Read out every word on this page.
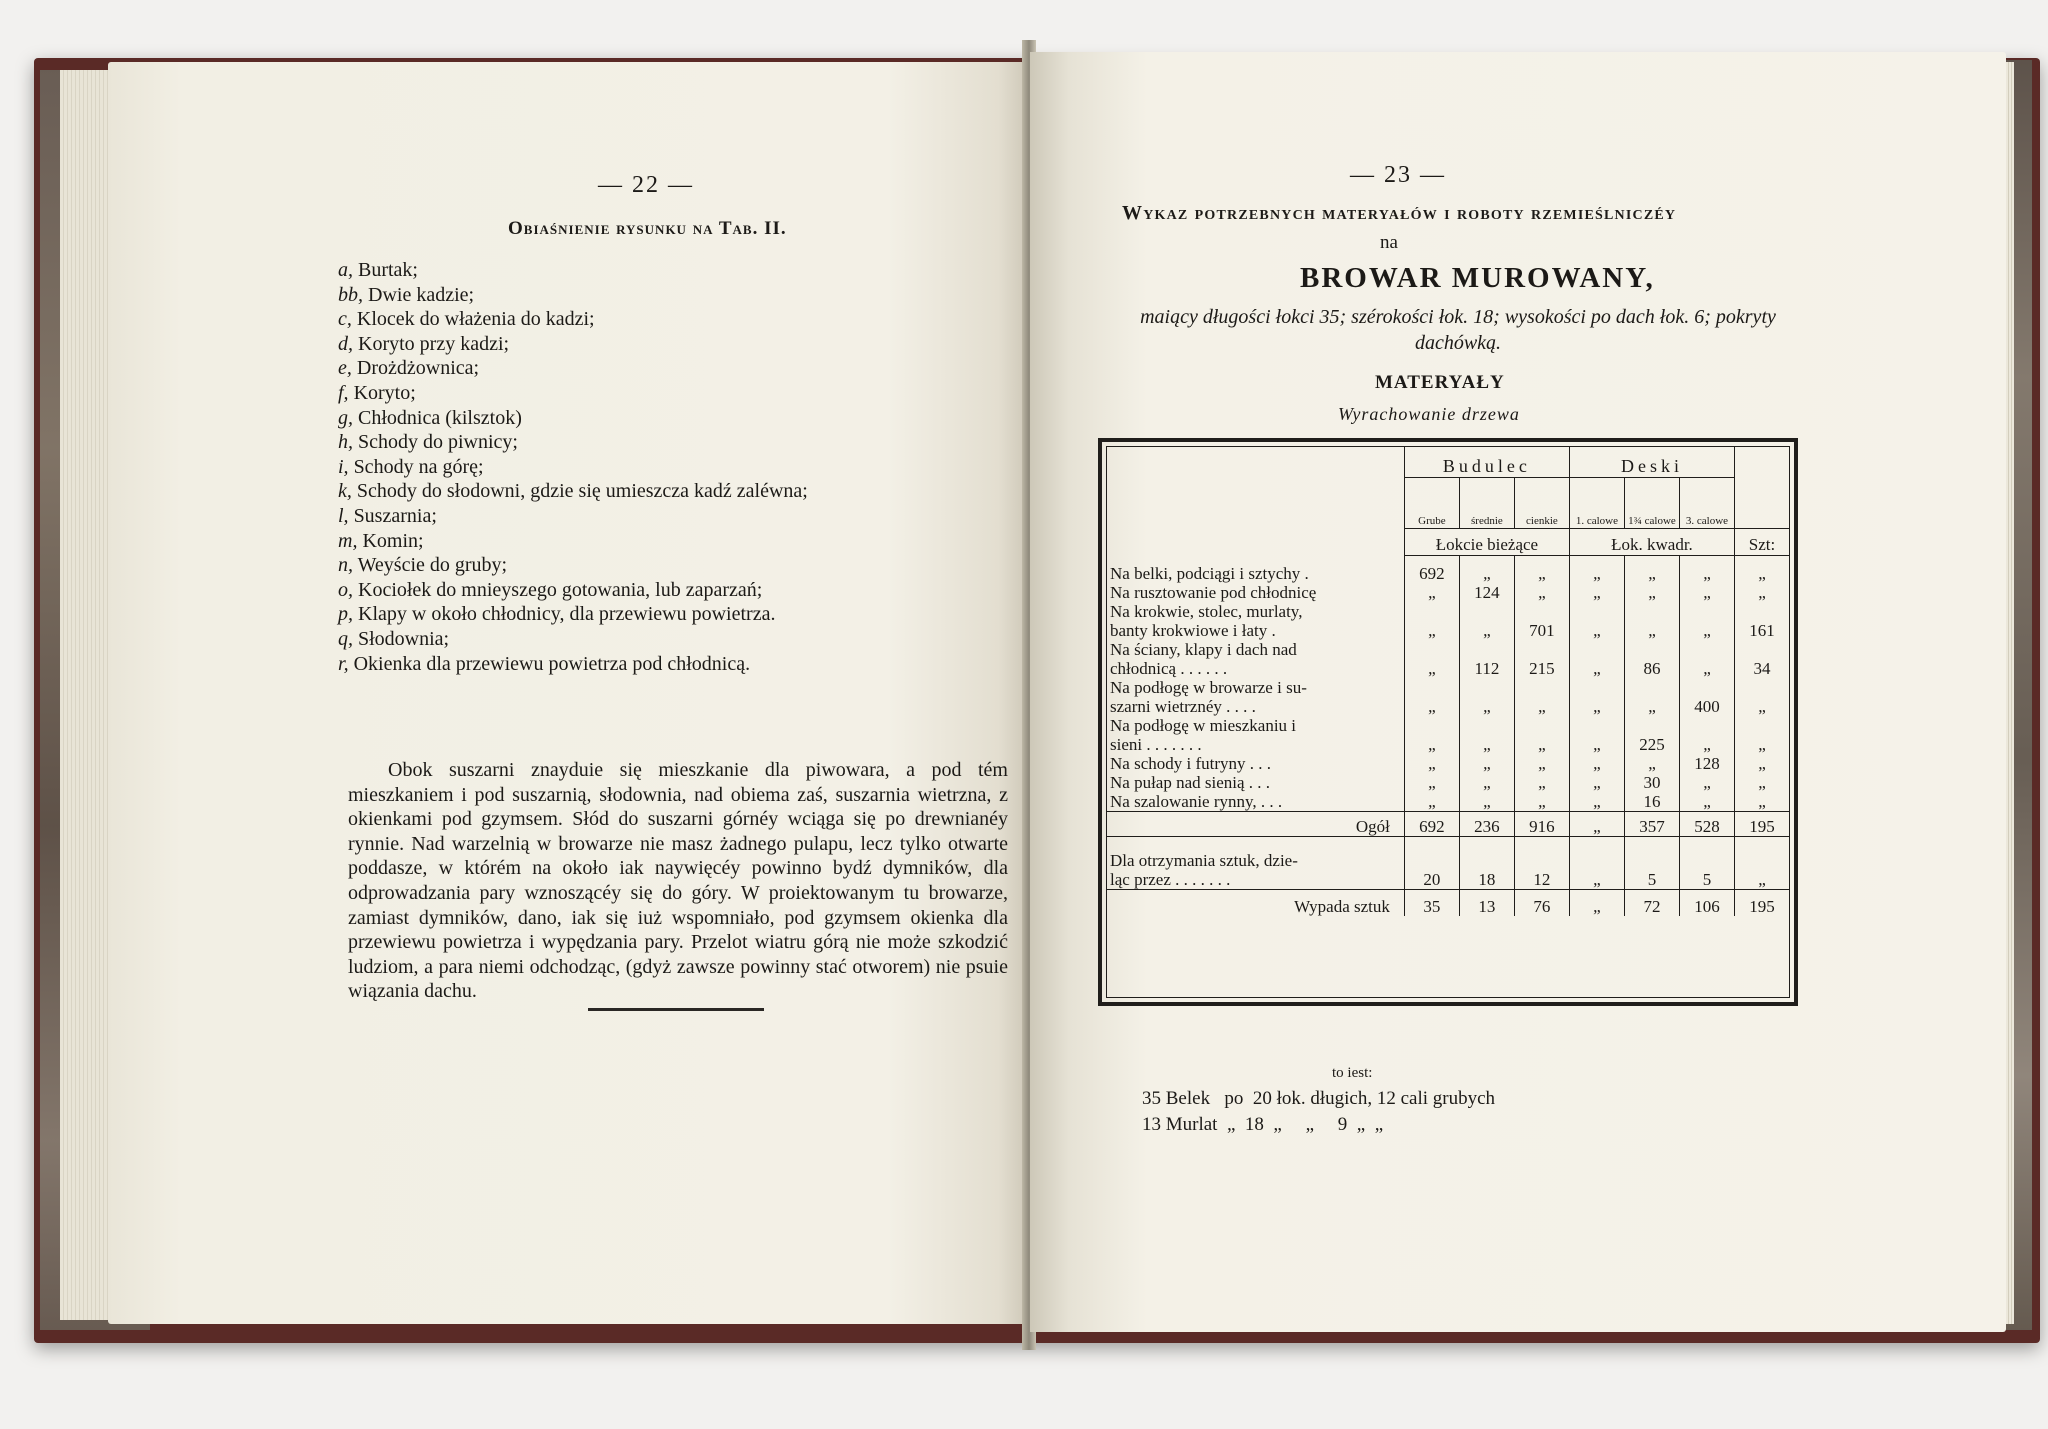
— 22 —
Obiaśnienie rysunku na Tab. II.
a, Burtak;
bb, Dwie kadzie;
c, Klocek do włażenia do kadzi;
d, Koryto przy kadzi;
e, Drożdżownica;
f, Koryto;
g, Chłodnica (kilsztok)
h, Schody do piwnicy;
i, Schody na górę;
k, Schody do słodowni, gdzie się umieszcza kadź zaléwna;
l, Suszarnia;
m, Komin;
n, Weyście do gruby;
o, Kociołek do mnieyszego gotowania, lub zaparzań;
p, Klapy w około chłodnicy, dla przewiewu powietrza.
q, Słodownia;
r, Okienka dla przewiewu powietrza pod chłodnicą.
Obok suszarni znayduie się mieszkanie dla piwowara, a pod tém mieszkaniem i pod suszarnią, słodownia, nad obiema zaś, suszarnia wietrzna, z okienkami pod gzymsem. Słód do suszarni górnéy wciąga się po drewnianéy rynnie. Nad warzelnią w browarze nie masz żadnego pulapu, lecz tylko otwarte poddasze, w którém na około iak naywięcéy powinno bydź dymników, dla odprowadzania pary wznoszącéy się do góry. W proiektowanym tu browarze, zamiast dymników, dano, iak się iuż wspomniało, pod gzymsem okienka dla przewiewu powietrza i wypędzania pary. Przelot wiatru górą nie może szkodzić ludziom, a para niemi odchodząc, (gdyż zawsze powinny stać otworem) nie psuie wiązania dachu.
— 23 —
Wykaz potrzebnych materyałów i roboty rzemieślniczéy
na
BROWAR MUROWANY,
maiący długości łokci 35; szérokości łok. 18; wysokości po dach łok. 6; pokryty dachówką.
MATERYAŁY
Wyrachowanie drzewa
	Budulec			Deski			
	Grube	średnie	cienkie	1. calowe	1¾ calowe	3. calowe	
	Łokcie bieżące			Łok. kwadr.			Szt:

Na belki, podciągi i sztychy .	692	„	„	„	„	„	„
Na rusztowanie pod chłodnicę	„	124	„	„	„	„	„
Na krokwie, stolec, murlaty,							
banty krokwiowe i łaty .	„	„	701	„	„	„	161
Na ściany, klapy i dach nad							
chłodnicą . . . . . .	„	112	215	„	86	„	34
Na podłogę w browarze i su-							
szarni wietrznéy . . . .	„	„	„	„	„	400	„
Na podłogę w mieszkaniu i							
sieni . . . . . . .	„	„	„	„	225	„	„
Na schody i futryny . . .	„	„	„	„	„	128	„
Na pułap nad sienią . . .	„	„	„	„	30	„	„
Na szalowanie rynny, . . .	„	„	„	„	16	„	„
Ogół	692	236	916	„	357	528	195

Dla otrzymania sztuk, dzie-							
ląc przez . . . . . . .	20	18	12	„	5	5	„
Wypada sztuk	35	13	76	„	72	106	195
to iest:
35 Belek   po  20 łok. długich, 12 cali grubych
13 Murlat  „  18  „     „     9  „  „
